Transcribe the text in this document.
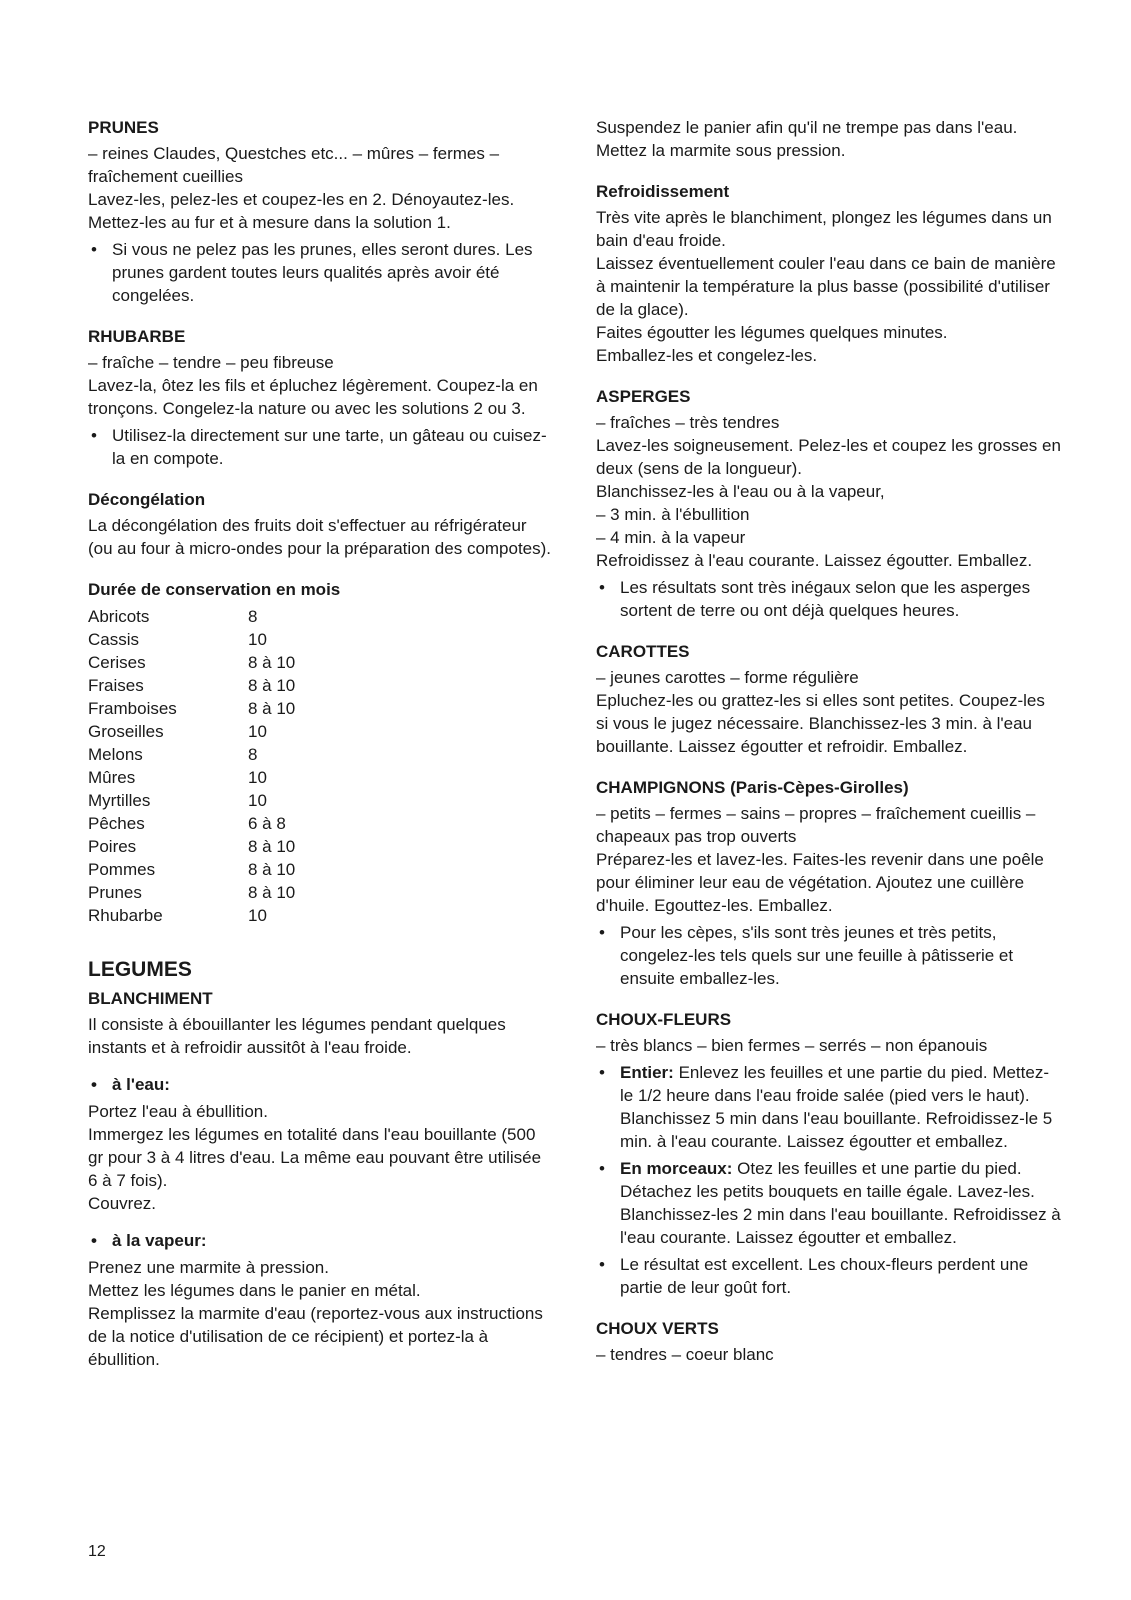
PRUNES

– reines Claudes, Questches etc... – mûres – fermes – fraîchement cueillies

Lavez-les, pelez-les et coupez-les en 2. Dénoyautez-les. Mettez-les au fur et à mesure dans la solution 1.

• Si vous ne pelez pas les prunes, elles seront dures. Les prunes gardent toutes leurs qualités après avoir été congelées.
RHUBARBE

– fraîche – tendre – peu fibreuse

Lavez-la, ôtez les fils et épluchez légèrement. Coupez-la en tronçons. Congelez-la nature ou avec les solutions 2 ou 3.

• Utilisez-la directement sur une tarte, un gâteau ou cuisez-la en compote.
Décongélation

La décongélation des fruits doit s'effectuer au réfrigérateur (ou au four à micro-ondes pour la préparation des compotes).

Durée de conservation en mois
Abricots	8
Cassis	10
Cerises	8 à 10
Fraises	8 à 10
Framboises	8 à 10
Groseilles	10
Melons	8
Mûres	10
Myrtilles	10
Pêches	6 à 8
Poires	8 à 10
Pommes	8 à 10
Prunes	8 à 10
Rhubarbe	10
LEGUMES
BLANCHIMENT

Il consiste à ébouillanter les légumes pendant quelques instants et à refroidir aussitôt à l'eau froide.

• à l'eau:

Portez l'eau à ébullition.

Immergez les légumes en totalité dans l'eau bouillante (500 gr pour 3 à 4 litres d'eau. La même eau pouvant être utilisée 6 à 7 fois).

Couvrez.

• à la vapeur:

Prenez une marmite à pression.

Mettez les légumes dans le panier en métal.

Remplissez la marmite d'eau (reportez-vous aux instructions de la notice d'utilisation de ce récipient) et portez-la à ébullition.

Suspendez le panier afin qu'il ne trempe pas dans l'eau.

Mettez la marmite sous pression.

Refroidissement

Très vite après le blanchiment, plongez les légumes dans un bain d'eau froide.

Laissez éventuellement couler l'eau dans ce bain de manière à maintenir la température la plus basse (possibilité d'utiliser de la glace).

Faites égoutter les légumes quelques minutes.

Emballez-les et congelez-les.

ASPERGES

– fraîches – très tendres

Lavez-les soigneusement. Pelez-les et coupez les grosses en deux (sens de la longueur).

Blanchissez-les à l'eau ou à la vapeur,

– 3 min. à l'ébullition

– 4 min. à la vapeur

Refroidissez à l'eau courante. Laissez égoutter. Emballez.

• Les résultats sont très inégaux selon que les asperges sortent de terre ou ont déjà quelques heures.
CAROTTES

– jeunes carottes – forme régulière

Epluchez-les ou grattez-les si elles sont petites. Coupez-les si vous le jugez nécessaire. Blanchissez-les 3 min. à l'eau bouillante. Laissez égoutter et refroidir. Emballez.

CHAMPIGNONS (Paris-Cèpes-Girolles)

– petits – fermes – sains – propres – fraîchement cueillis – chapeaux pas trop ouverts

Préparez-les et lavez-les. Faites-les revenir dans une poêle pour éliminer leur eau de végétation. Ajoutez une cuillère d'huile. Egouttez-les. Emballez.

• Pour les cèpes, s'ils sont très jeunes et très petits, congelez-les tels quels sur une feuille à pâtisserie et ensuite emballez-les.
CHOUX-FLEURS

– très blancs – bien fermes – serrés – non épanouis

• Entier: Enlevez les feuilles et une partie du pied. Mettez-le 1/2 heure dans l'eau froide salée (pied vers le haut). Blanchissez 5 min dans l'eau bouillante. Refroidissez-le 5 min. à l'eau courante. Laissez égoutter et emballez.
• En morceaux: Otez les feuilles et une partie du pied. Détachez les petits bouquets en taille égale. Lavez-les. Blanchissez-les 2 min dans l'eau bouillante. Refroidissez à l'eau courante. Laissez égoutter et emballez.
• Le résultat est excellent. Les choux-fleurs perdent une partie de leur goût fort.
CHOUX VERTS

– tendres – coeur blanc

12
